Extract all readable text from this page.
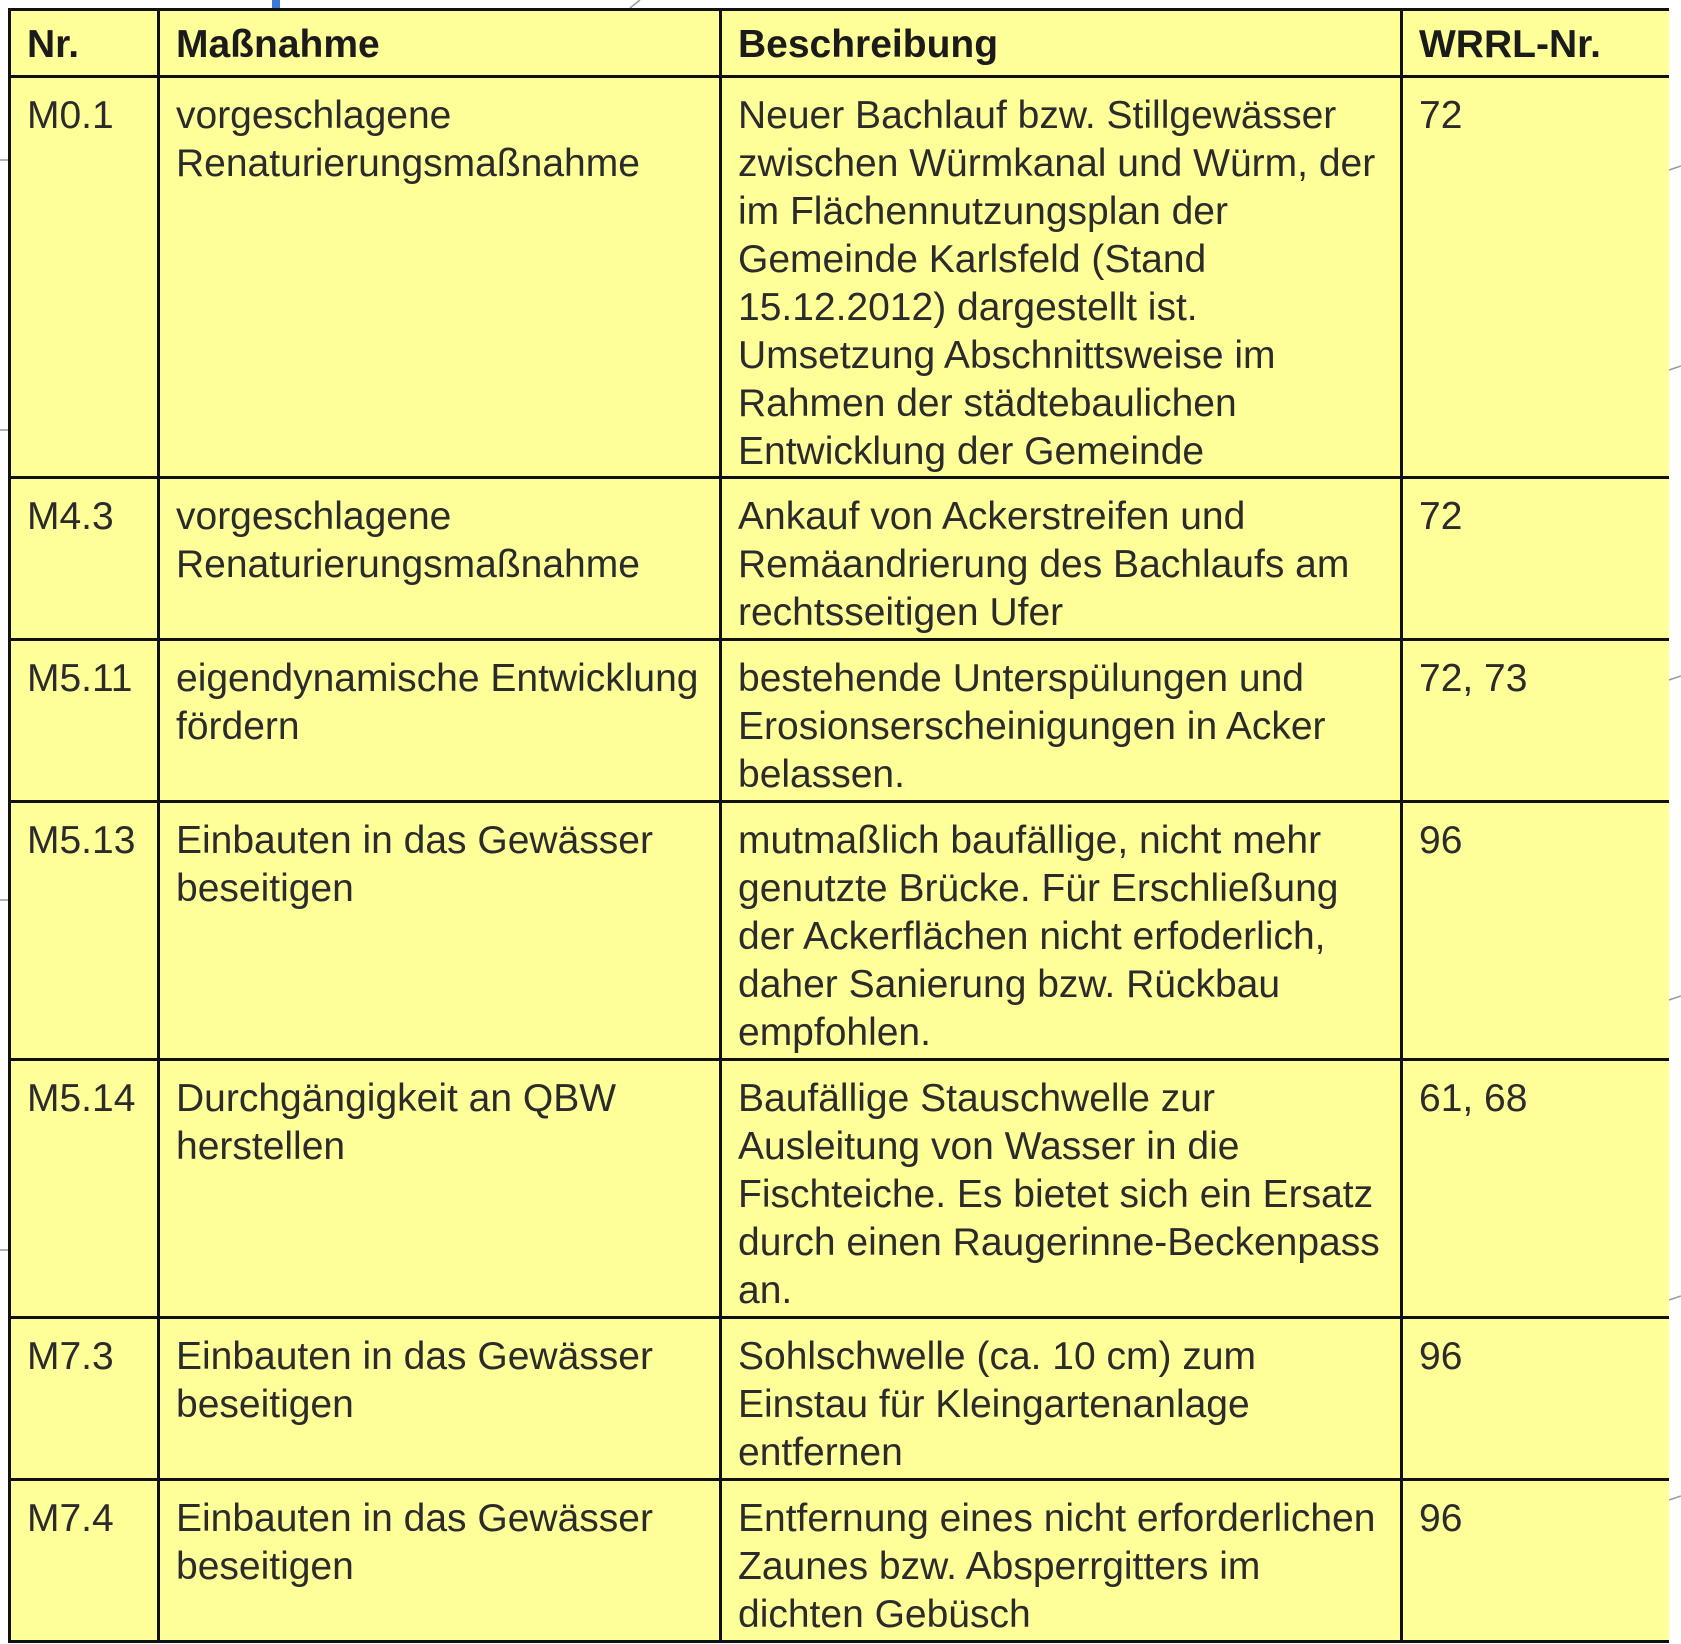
Nr.	Maßnahme	Beschreibung	WRRL-Nr.
M0.1	vorgeschlagene Renaturierungsmaßnahme	Neuer Bachlauf bzw. Stillgewässer zwischen Würmkanal und Würm, der im Flächennutzungsplan der Gemeinde Karlsfeld (Stand 15.12.2012) dargestellt ist. Umsetzung Abschnittsweise im Rahmen der städtebaulichen Entwicklung der Gemeinde	72
M4.3	vorgeschlagene Renaturierungsmaßnahme	Ankauf von Ackerstreifen und Remäandrierung des Bachlaufs am rechtsseitigen Ufer	72
M5.11	eigendynamische Entwicklung fördern	bestehende Unterspülungen und Erosionserscheinigungen in Acker belassen.	72, 73
M5.13	Einbauten in das Gewässer beseitigen	mutmaßlich baufällige, nicht mehr genutzte Brücke. Für Erschließung der Ackerflächen nicht erfoderlich, daher Sanierung bzw. Rückbau empfohlen.	96
M5.14	Durchgängigkeit an QBW herstellen	Baufällige Stauschwelle zur Ausleitung von Wasser in die Fischteiche. Es bietet sich ein Ersatz durch einen Raugerinne-Beckenpass an.	61, 68
M7.3	Einbauten in das Gewässer beseitigen	Sohlschwelle (ca. 10 cm) zum Einstau für Kleingartenanlage entfernen	96
M7.4	Einbauten in das Gewässer beseitigen	Entfernung eines nicht erforderlichen Zaunes bzw. Absperrgitters im dichten Gebüsch	96
